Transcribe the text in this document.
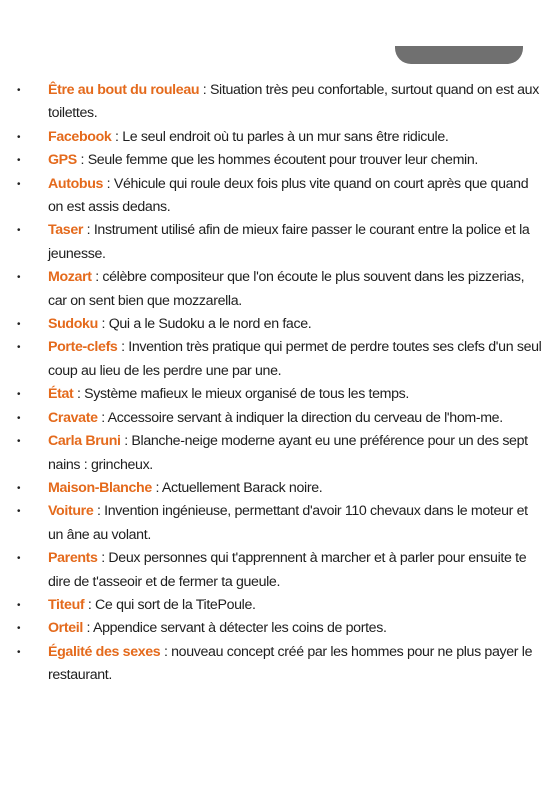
• Être au bout du rouleau : Situation très peu confortable, surtout quand on est aux toilettes.
• Facebook : Le seul endroit où tu parles à un mur sans être ridicule.
• GPS : Seule femme que les hommes écoutent pour trouver leur chemin.
• Autobus : Véhicule qui roule deux fois plus vite quand on court après que quand on est assis dedans.
• Taser : Instrument utilisé afin de mieux faire passer le courant entre la police et la jeunesse.
• Mozart : célèbre compositeur que l'on écoute le plus souvent dans les pizzerias, car on sent bien que mozzarella.
• Sudoku : Qui a le Sudoku a le nord en face.
• Porte-clefs : Invention très pratique qui permet de perdre toutes ses clefs d'un seul coup au lieu de les perdre une par une.
• État : Système mafieux le mieux organisé de tous les temps.
• Cravate : Accessoire servant à indiquer la direction du cerveau de l'hom-me.
• Carla Bruni : Blanche-neige moderne ayant eu une préférence pour un des sept nains : grincheux.
• Maison-Blanche : Actuellement Barack noire.
• Voiture : Invention ingénieuse, permettant d'avoir 110 chevaux dans le moteur et un âne au volant.
• Parents : Deux personnes qui t'apprennent à marcher et à parler pour ensuite te dire de t'asseoir et de fermer ta gueule.
• Titeuf : Ce qui sort de la TitePoule.
• Orteil : Appendice servant à détecter les coins de portes.
• Égalité des sexes : nouveau concept créé par les hommes pour ne plus payer le restaurant.
